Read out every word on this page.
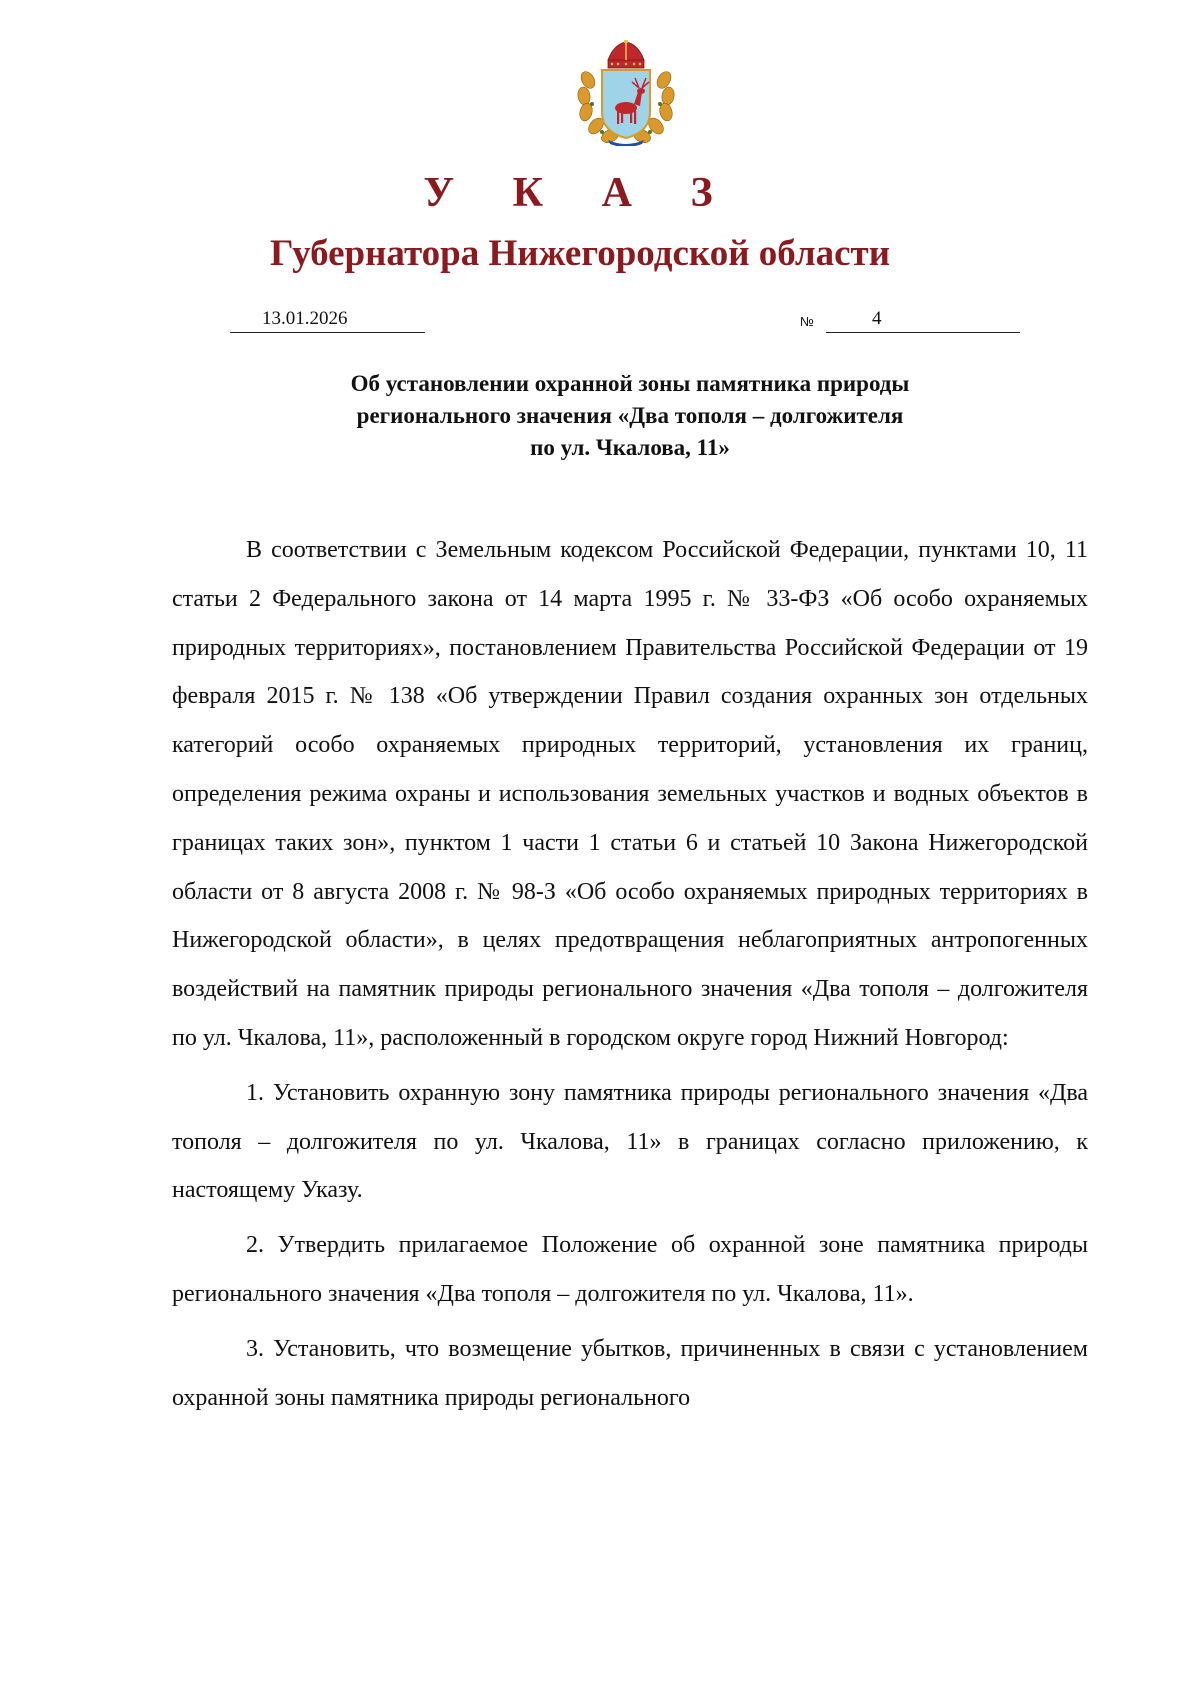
У К А З
Губернатора Нижегородской области
13.01.2026	№	4
Об установлении охранной зоны памятника природы
регионального значения «Два тополя – долгожителя
по ул. Чкалова, 11»

В соответствии с Земельным кодексом Российской Федерации, пунктами 10, 11 статьи 2 Федерального закона от 14 марта 1995 г. № 33-ФЗ «Об особо охраняемых природных территориях», постановлением Правительства Российской Федерации от 19 февраля 2015 г. № 138 «Об утверждении Правил создания охранных зон отдельных категорий особо охраняемых природных территорий, установления их границ, определения режима охраны и использования земельных участков и водных объектов в границах таких зон», пунктом 1 части 1 статьи 6 и статьей 10 Закона Нижегородской области от 8 августа 2008 г. № 98-З «Об особо охраняемых природных территориях в Нижегородской области», в целях предотвращения неблагоприятных антропогенных воздействий на памятник природы регионального значения «Два тополя – долгожителя по ул. Чкалова, 11», расположенный в городском округе город Нижний Новгород:

1. Установить охранную зону памятника природы регионального значения «Два тополя – долгожителя по ул. Чкалова, 11» в границах согласно приложению, к настоящему Указу.

2. Утвердить прилагаемое Положение об охранной зоне памятника природы регионального значения «Два тополя – долгожителя по ул. Чкалова, 11».

3. Установить, что возмещение убытков, причиненных в связи с установлением охранной зоны памятника природы регионального
